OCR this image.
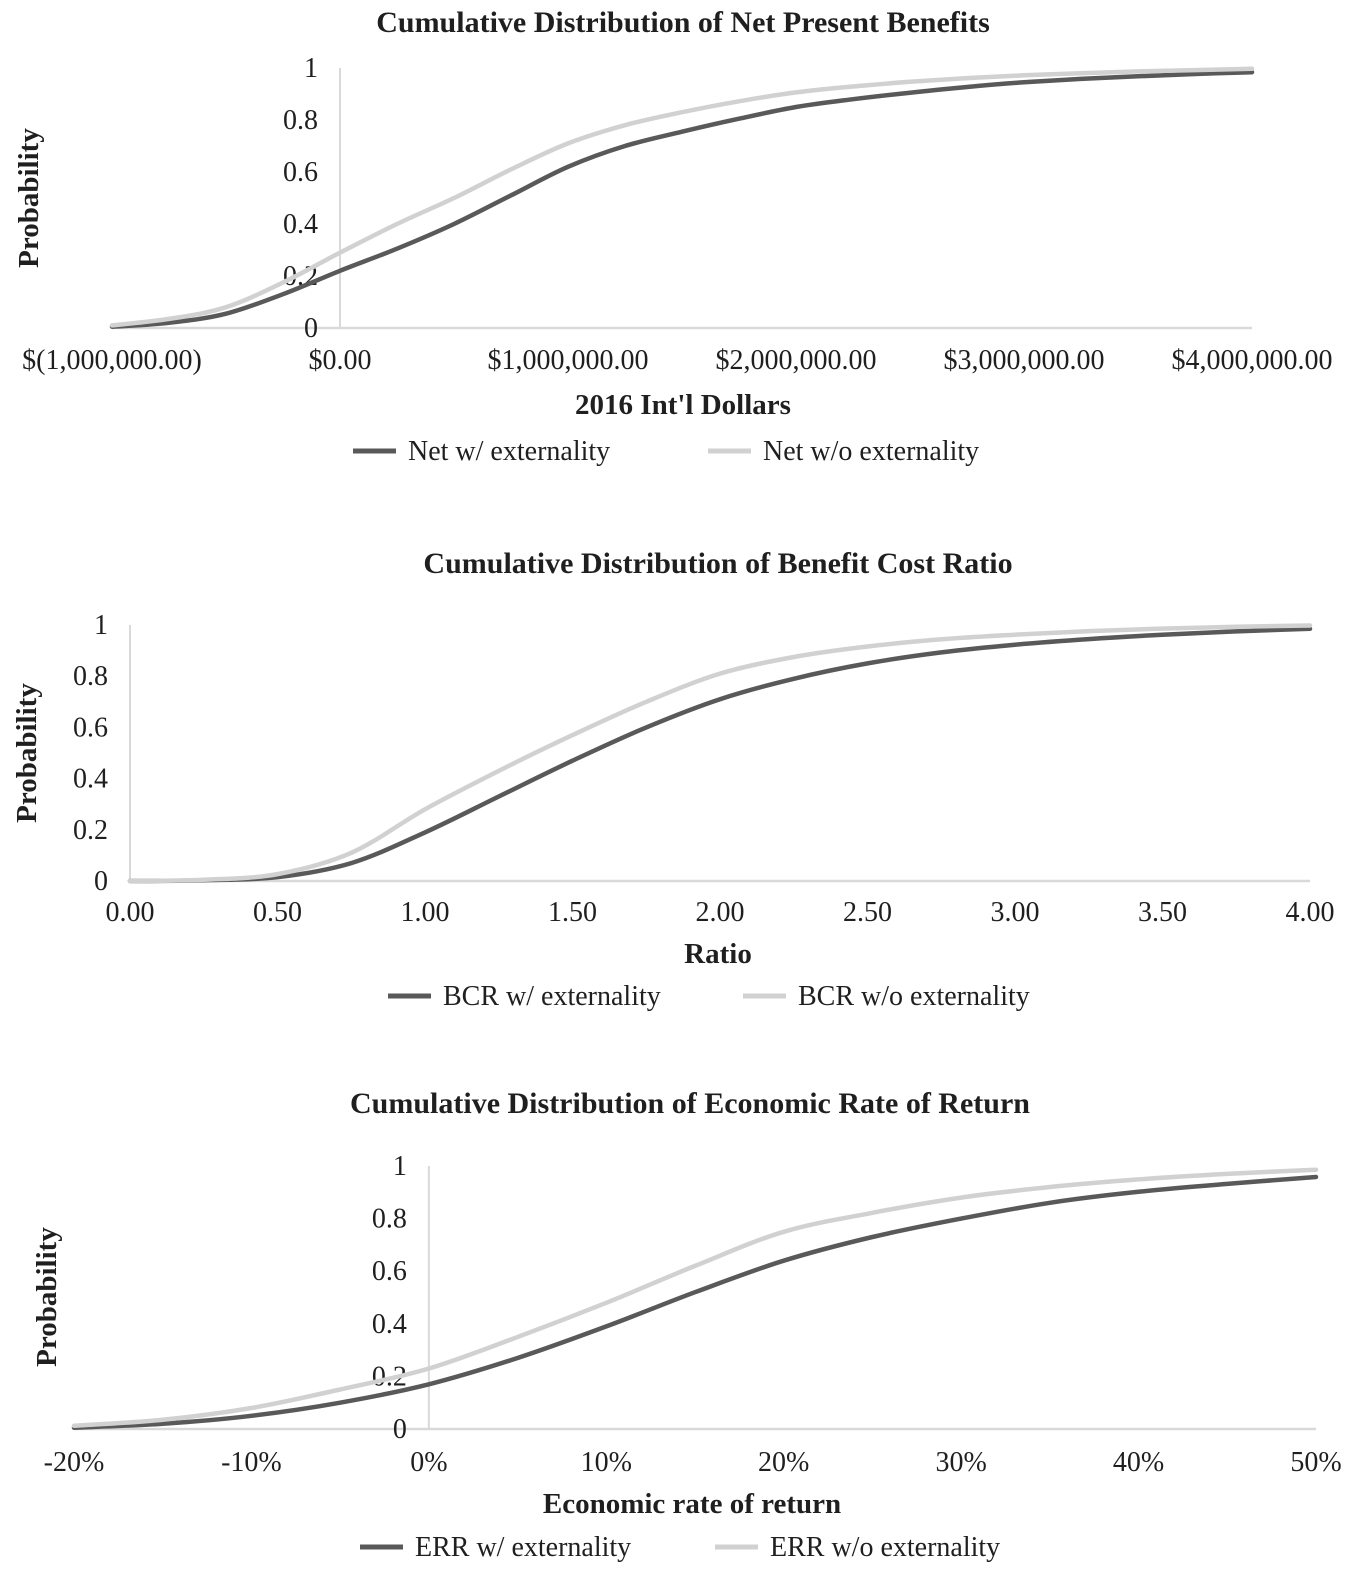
Cumulative Distribution of Net Present Benefits
Probability
0
0.2
0.4
0.6
0.8
1
$(1,000,000.00)	$0.00	$1,000,000.00 $2,000,000.00 $3,000,000.00 $4,000,000.00
2016 Int'l Dollars
Net w/ externality	Net w/o externality
Cumulative Distribution of Benefit Cost Ratio
Probability
0
0.2
0.4
0.6
0.8
1
0.00	0.50	1.00	1.50	2.00	2.50	3.00	3.50	4.00
Ratio
BCR w/ externality	BCR w/o externality
Cumulative Distribution of Economic Rate of Return
Probability
0
0.2
0.4
0.6
0.8
1
-20%	-10%	0%	10%	20%	30%	40%	50%
Economic rate of return
ERR w/ externality	ERR w/o externality
